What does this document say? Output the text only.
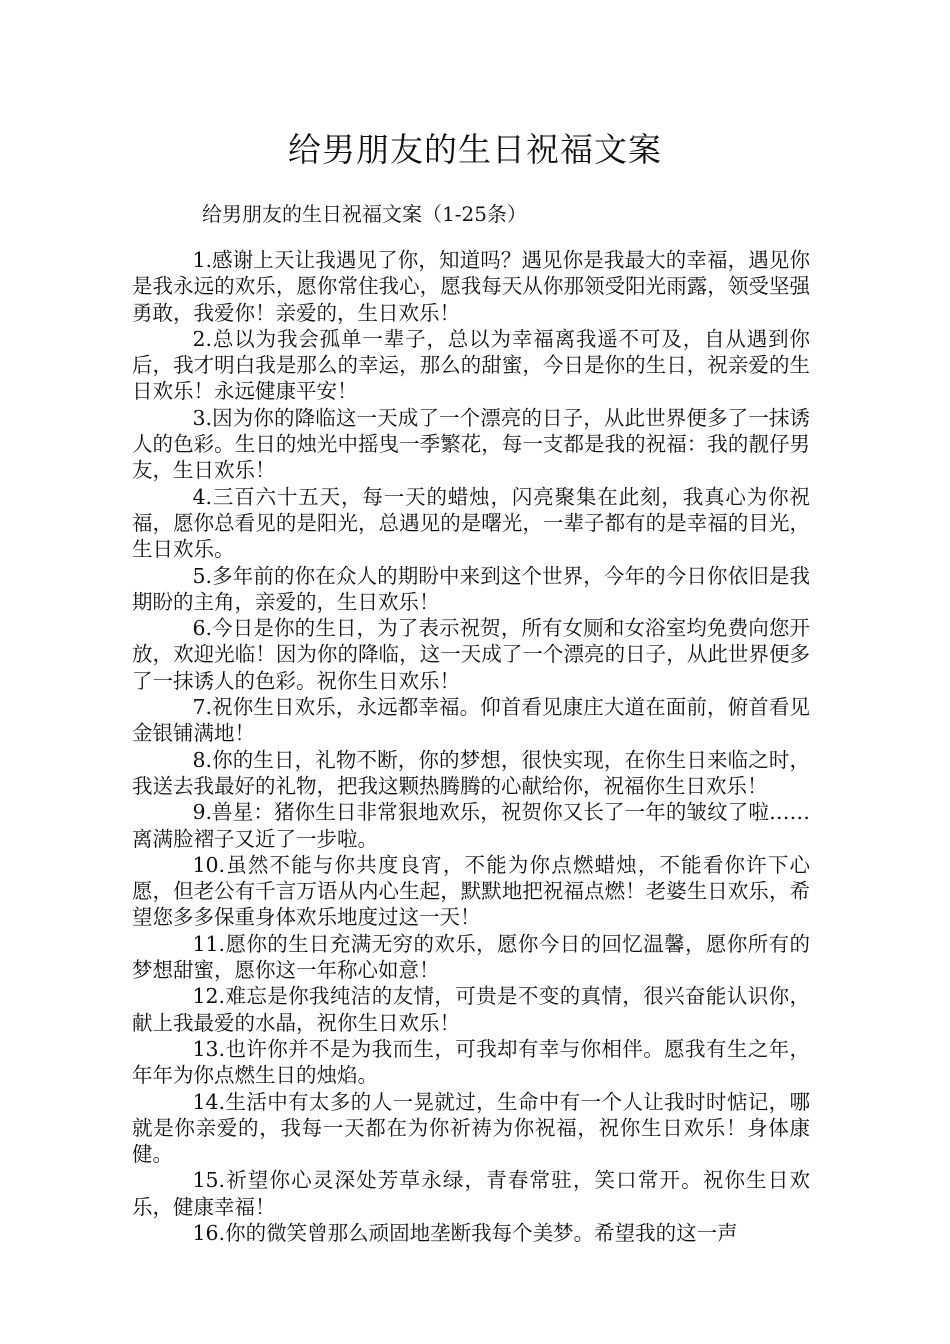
给男朋友的生日祝福文案
给男朋友的生日祝福文案（1-25条）

1.感谢上天让我遇见了你，知道吗？遇见你是我最大的幸福，遇见你是我永远的欢乐，愿你常住我心，愿我每天从你那领受阳光雨露，领受坚强勇敢，我爱你！亲爱的，生日欢乐！

2.总以为我会孤单一辈子，总以为幸福离我遥不可及，自从遇到你后，我才明白我是那么的幸运，那么的甜蜜，今日是你的生日，祝亲爱的生日欢乐！永远健康平安！

3.因为你的降临这一天成了一个漂亮的日子，从此世界便多了一抹诱人的色彩。生日的烛光中摇曳一季繁花，每一支都是我的祝福：我的靓仔男友，生日欢乐！

4.三百六十五天，每一天的蜡烛，闪亮聚集在此刻，我真心为你祝福，愿你总看见的是阳光，总遇见的是曙光，一辈子都有的是幸福的目光，生日欢乐。

5.多年前的你在众人的期盼中来到这个世界，今年的今日你依旧是我期盼的主角，亲爱的，生日欢乐！

6.今日是你的生日，为了表示祝贺，所有女厕和女浴室均免费向您开放，欢迎光临！因为你的降临，这一天成了一个漂亮的日子，从此世界便多了一抹诱人的色彩。祝你生日欢乐！

7.祝你生日欢乐，永远都幸福。仰首看见康庄大道在面前，俯首看见金银铺满地！

8.你的生日，礼物不断，你的梦想，很快实现，在你生日来临之时，我送去我最好的礼物，把我这颗热腾腾的心献给你，祝福你生日欢乐！

9.兽星：猪你生日非常狠地欢乐，祝贺你又长了一年的皱纹了啦……离满脸褶子又近了一步啦。

10.虽然不能与你共度良宵，不能为你点燃蜡烛，不能看你许下心愿，但老公有千言万语从内心生起，默默地把祝福点燃！老婆生日欢乐，希望您多多保重身体欢乐地度过这一天！

11.愿你的生日充满无穷的欢乐，愿你今日的回忆温馨，愿你所有的梦想甜蜜，愿你这一年称心如意！

12.难忘是你我纯洁的友情，可贵是不变的真情，很兴奋能认识你，献上我最爱的水晶，祝你生日欢乐！

13.也许你并不是为我而生，可我却有幸与你相伴。愿我有生之年，年年为你点燃生日的烛焰。

14.生活中有太多的人一晃就过，生命中有一个人让我时时惦记，哪就是你亲爱的，我每一天都在为你祈祷为你祝福，祝你生日欢乐！身体康健。

15.祈望你心灵深处芳草永绿，青春常驻，笑口常开。祝你生日欢乐，健康幸福！

16.你的微笑曾那么顽固地垄断我每个美梦。希望我的这一声
